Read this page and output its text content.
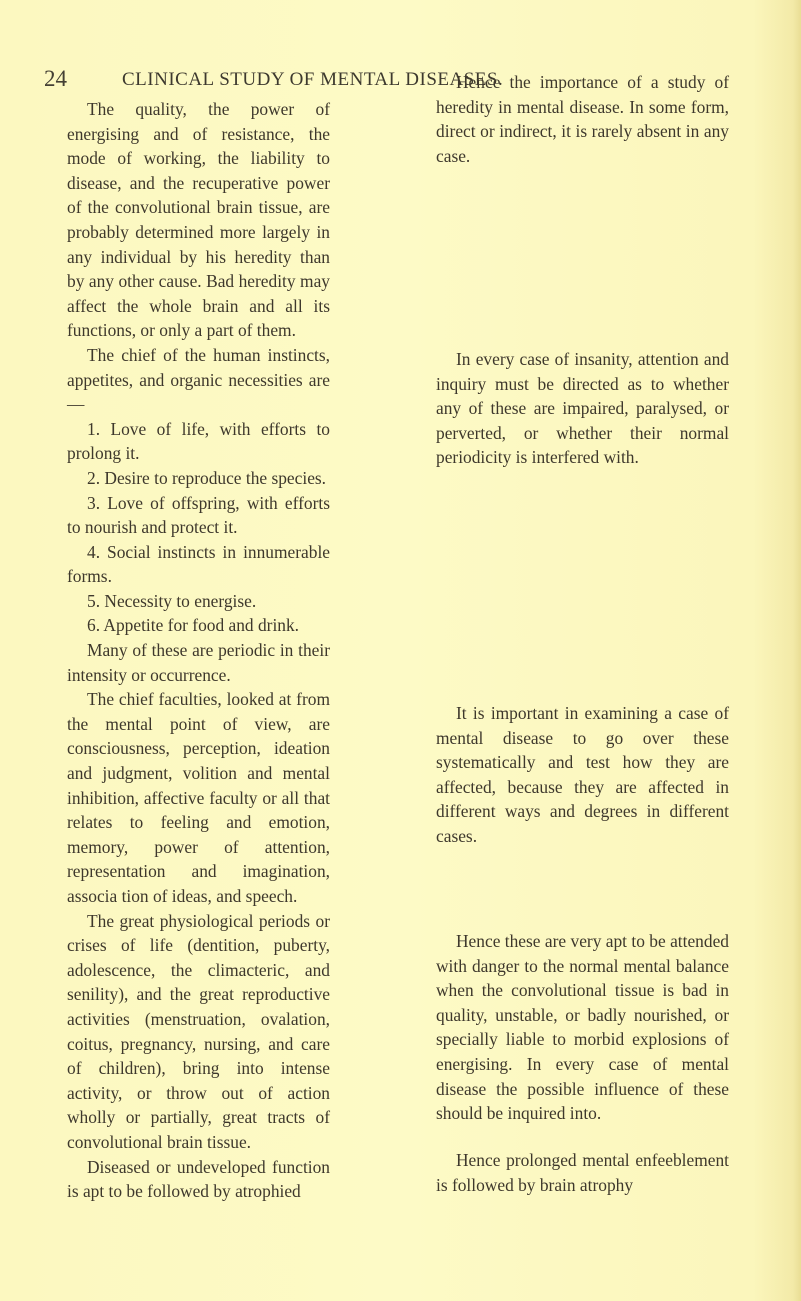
24	CLINICAL STUDY OF MENTAL DISEASES.

The quality, the power of energising and of resistance, the mode of working, the liability to disease, and the recuperative power of the convolutional brain tissue, are probably determined more largely in any individual by his heredity than by any other cause. Bad heredity may affect the whole brain and all its functions, or only a part of them.

The chief of the human instincts, appetites, and organic necessities are—

1. Love of life, with efforts to prolong it.

2. Desire to reproduce the species.

3. Love of offspring, with efforts to nourish and protect it.

4. Social instincts in innumerable forms.

5. Necessity to energise.

6. Appetite for food and drink.

Many of these are periodic in their intensity or occurrence.

The chief faculties, looked at from the mental point of view, are consciousness, perception, ideation and judgment, volition and mental inhibition, affective faculty or all that relates to feeling and emotion, memory, power of attention, representation and imagination, associa tion of ideas, and speech.

The great physiological periods or crises of life (dentition, puberty, adolescence, the climacteric, and senility), and the great reproductive activities (menstruation, ovalation, coitus, pregnancy, nursing, and care of children), bring into intense activity, or throw out of action wholly or partially, great tracts of convolutional brain tissue.

Diseased or undeveloped function is apt to be followed by atrophied

Hence the importance of a study of heredity in mental disease. In some form, direct or indirect, it is rarely absent in any case.

In every case of insanity, attention and inquiry must be directed as to whether any of these are impaired, paralysed, or perverted, or whether their normal periodicity is interfered with.

It is important in examining a case of mental disease to go over these systematically and test how they are affected, because they are affected in different ways and degrees in different cases.

Hence these are very apt to be attended with danger to the normal mental balance when the convolutional tissue is bad in quality, unstable, or badly nourished, or specially liable to morbid explosions of energising. In every case of mental disease the possible influence of these should be inquired into.

Hence prolonged mental enfeeblement is followed by brain atrophy
